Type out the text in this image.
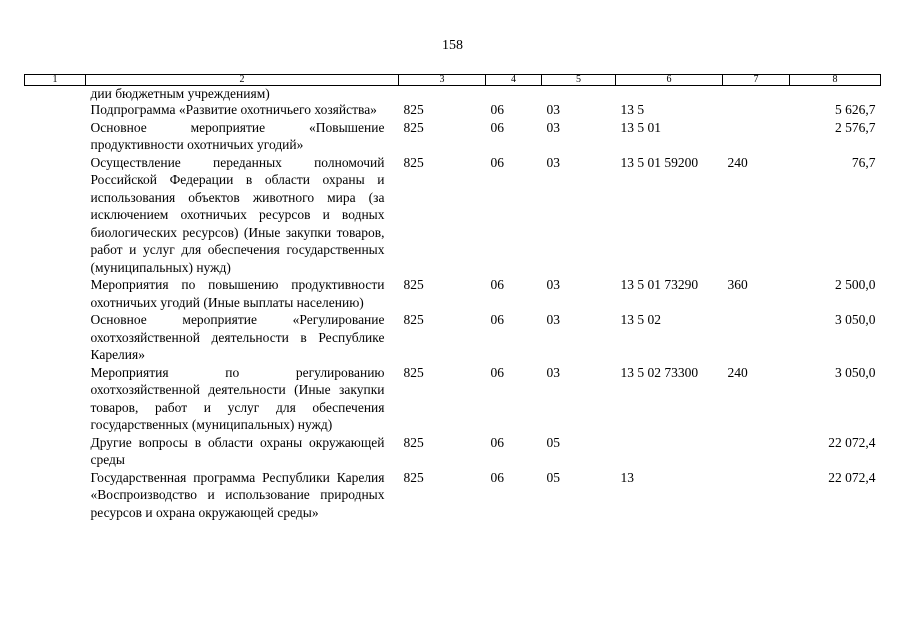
158
1	2	3	4	5	6	7	8
	дии бюджетным учреждениям)						
	Подпрограмма «Развитие охотничьего хозяйства»	825	06	03	13 5		5 626,7
	Основное мероприятие «Повышение продуктивности охотничьих угодий»	825	06	03	13 5 01		2 576,7
	Осуществление переданных полномочий Российской Федерации в области охраны и использования объектов животного мира (за исключением охотничьих ресурсов и водных биологических ресурсов) (Иные закупки товаров, работ и услуг для обеспечения государственных (муниципальных) нужд)	825	06	03	13 5 01 59200	240	76,7
	Мероприятия по повышению продуктивности охотничьих угодий (Иные выплаты населению)	825	06	03	13 5 01 73290	360	2 500,0
	Основное мероприятие «Регулирование охотхозяйственной деятельности в Республике Карелия»	825	06	03	13 5 02		3 050,0
	Мероприятия по регулированию охотхозяйственной деятельности (Иные закупки товаров, работ и услуг для обеспечения государственных (муниципальных) нужд)	825	06	03	13 5 02 73300	240	3 050,0
	Другие вопросы в области охраны окружающей среды	825	06	05			22 072,4
	Государственная программа Республики Карелия «Воспроизводство и использование природных ресурсов и охрана окружающей среды»	825	06	05	13		22 072,4
